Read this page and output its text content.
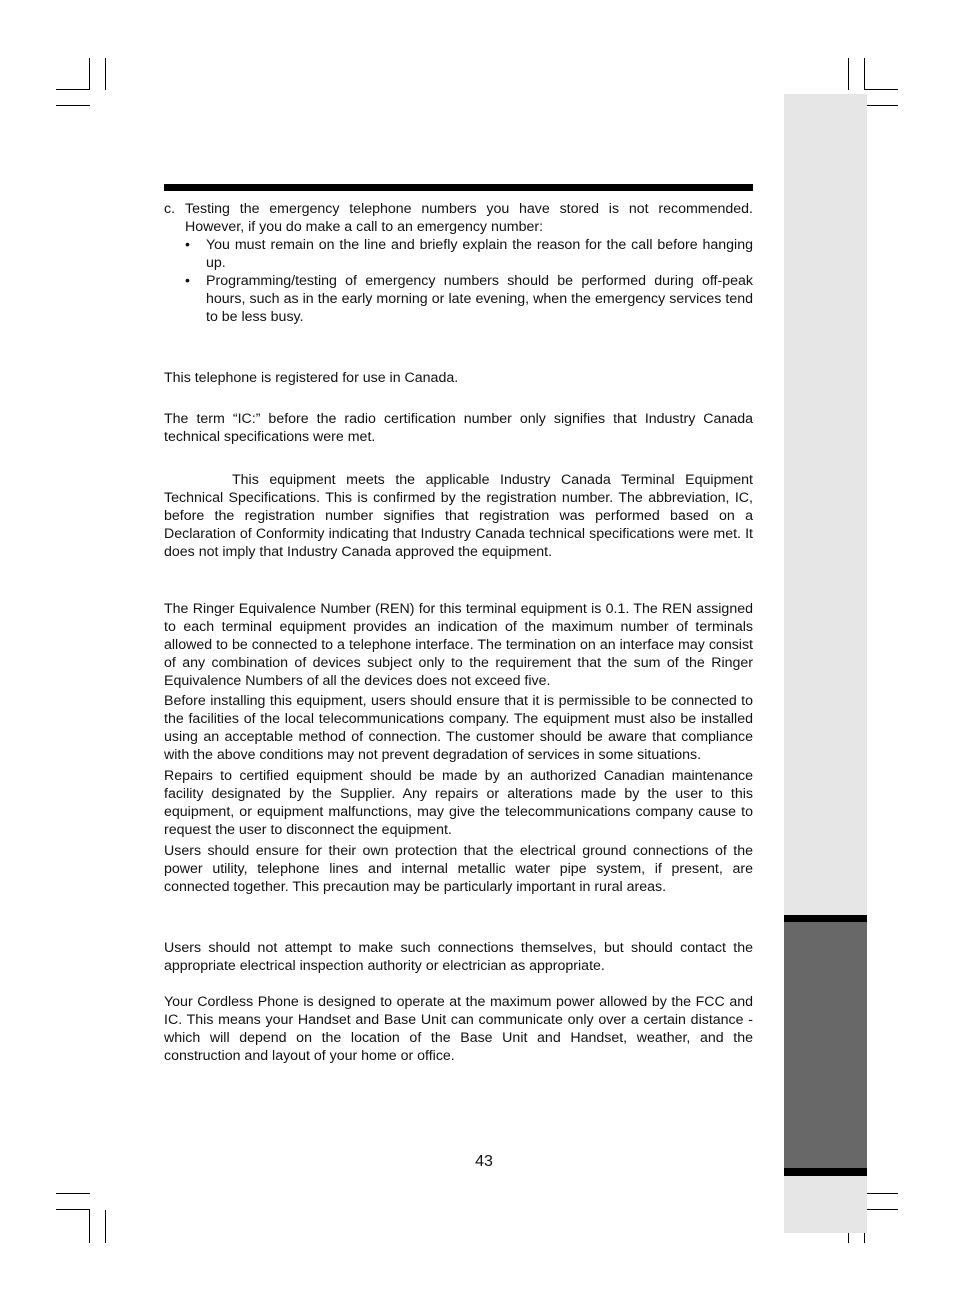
c. Testing the emergency telephone numbers you have stored is not recommended. However, if you do make a call to an emergency number:
•	You must remain on the line and briefly explain the reason for the call before hanging up.
•	Programming/testing of emergency numbers should be performed during off-peak hours, such as in the early morning or late evening, when the emergency services tend to be less busy.

This telephone is registered for use in Canada.

The term “IC:” before the radio certification number only signifies that Industry Canada technical specifications were met.

This equipment meets the applicable Industry Canada Terminal Equipment Technical Specifications. This is confirmed by the registration number. The abbreviation, IC, before the registration number signifies that registration was performed based on a Declaration of Conformity indicating that Industry Canada technical specifications were met. It does not imply that Industry Canada approved the equipment.

The Ringer Equivalence Number (REN) for this terminal equipment is 0.1. The REN assigned to each terminal equipment provides an indication of the maximum number of terminals allowed to be connected to a telephone interface. The termination on an interface may consist of any combination of devices subject only to the requirement that the sum of the Ringer Equivalence Numbers of all the devices does not exceed five.

Before installing this equipment, users should ensure that it is permissible to be connected to the facilities of the local telecommunications company. The equipment must also be installed using an acceptable method of connection. The customer should be aware that compliance with the above conditions may not prevent degradation of services in some situations.

Repairs to certified equipment should be made by an authorized Canadian maintenance facility designated by the Supplier. Any repairs or alterations made by the user to this equipment, or equipment malfunctions, may give the telecommunications company cause to request the user to disconnect the equipment.

Users should ensure for their own protection that the electrical ground connections of the power utility, telephone lines and internal metallic water pipe system, if present, are connected together. This precaution may be particularly important in rural areas.

Users should not attempt to make such connections themselves, but should contact the appropriate electrical inspection authority or electrician as appropriate.

Your Cordless Phone is designed to operate at the maximum power allowed by the FCC and IC. This means your Handset and Base Unit can communicate only over a certain distance - which will depend on the location of the Base Unit and Handset, weather, and the construction and layout of your home or office.

43
